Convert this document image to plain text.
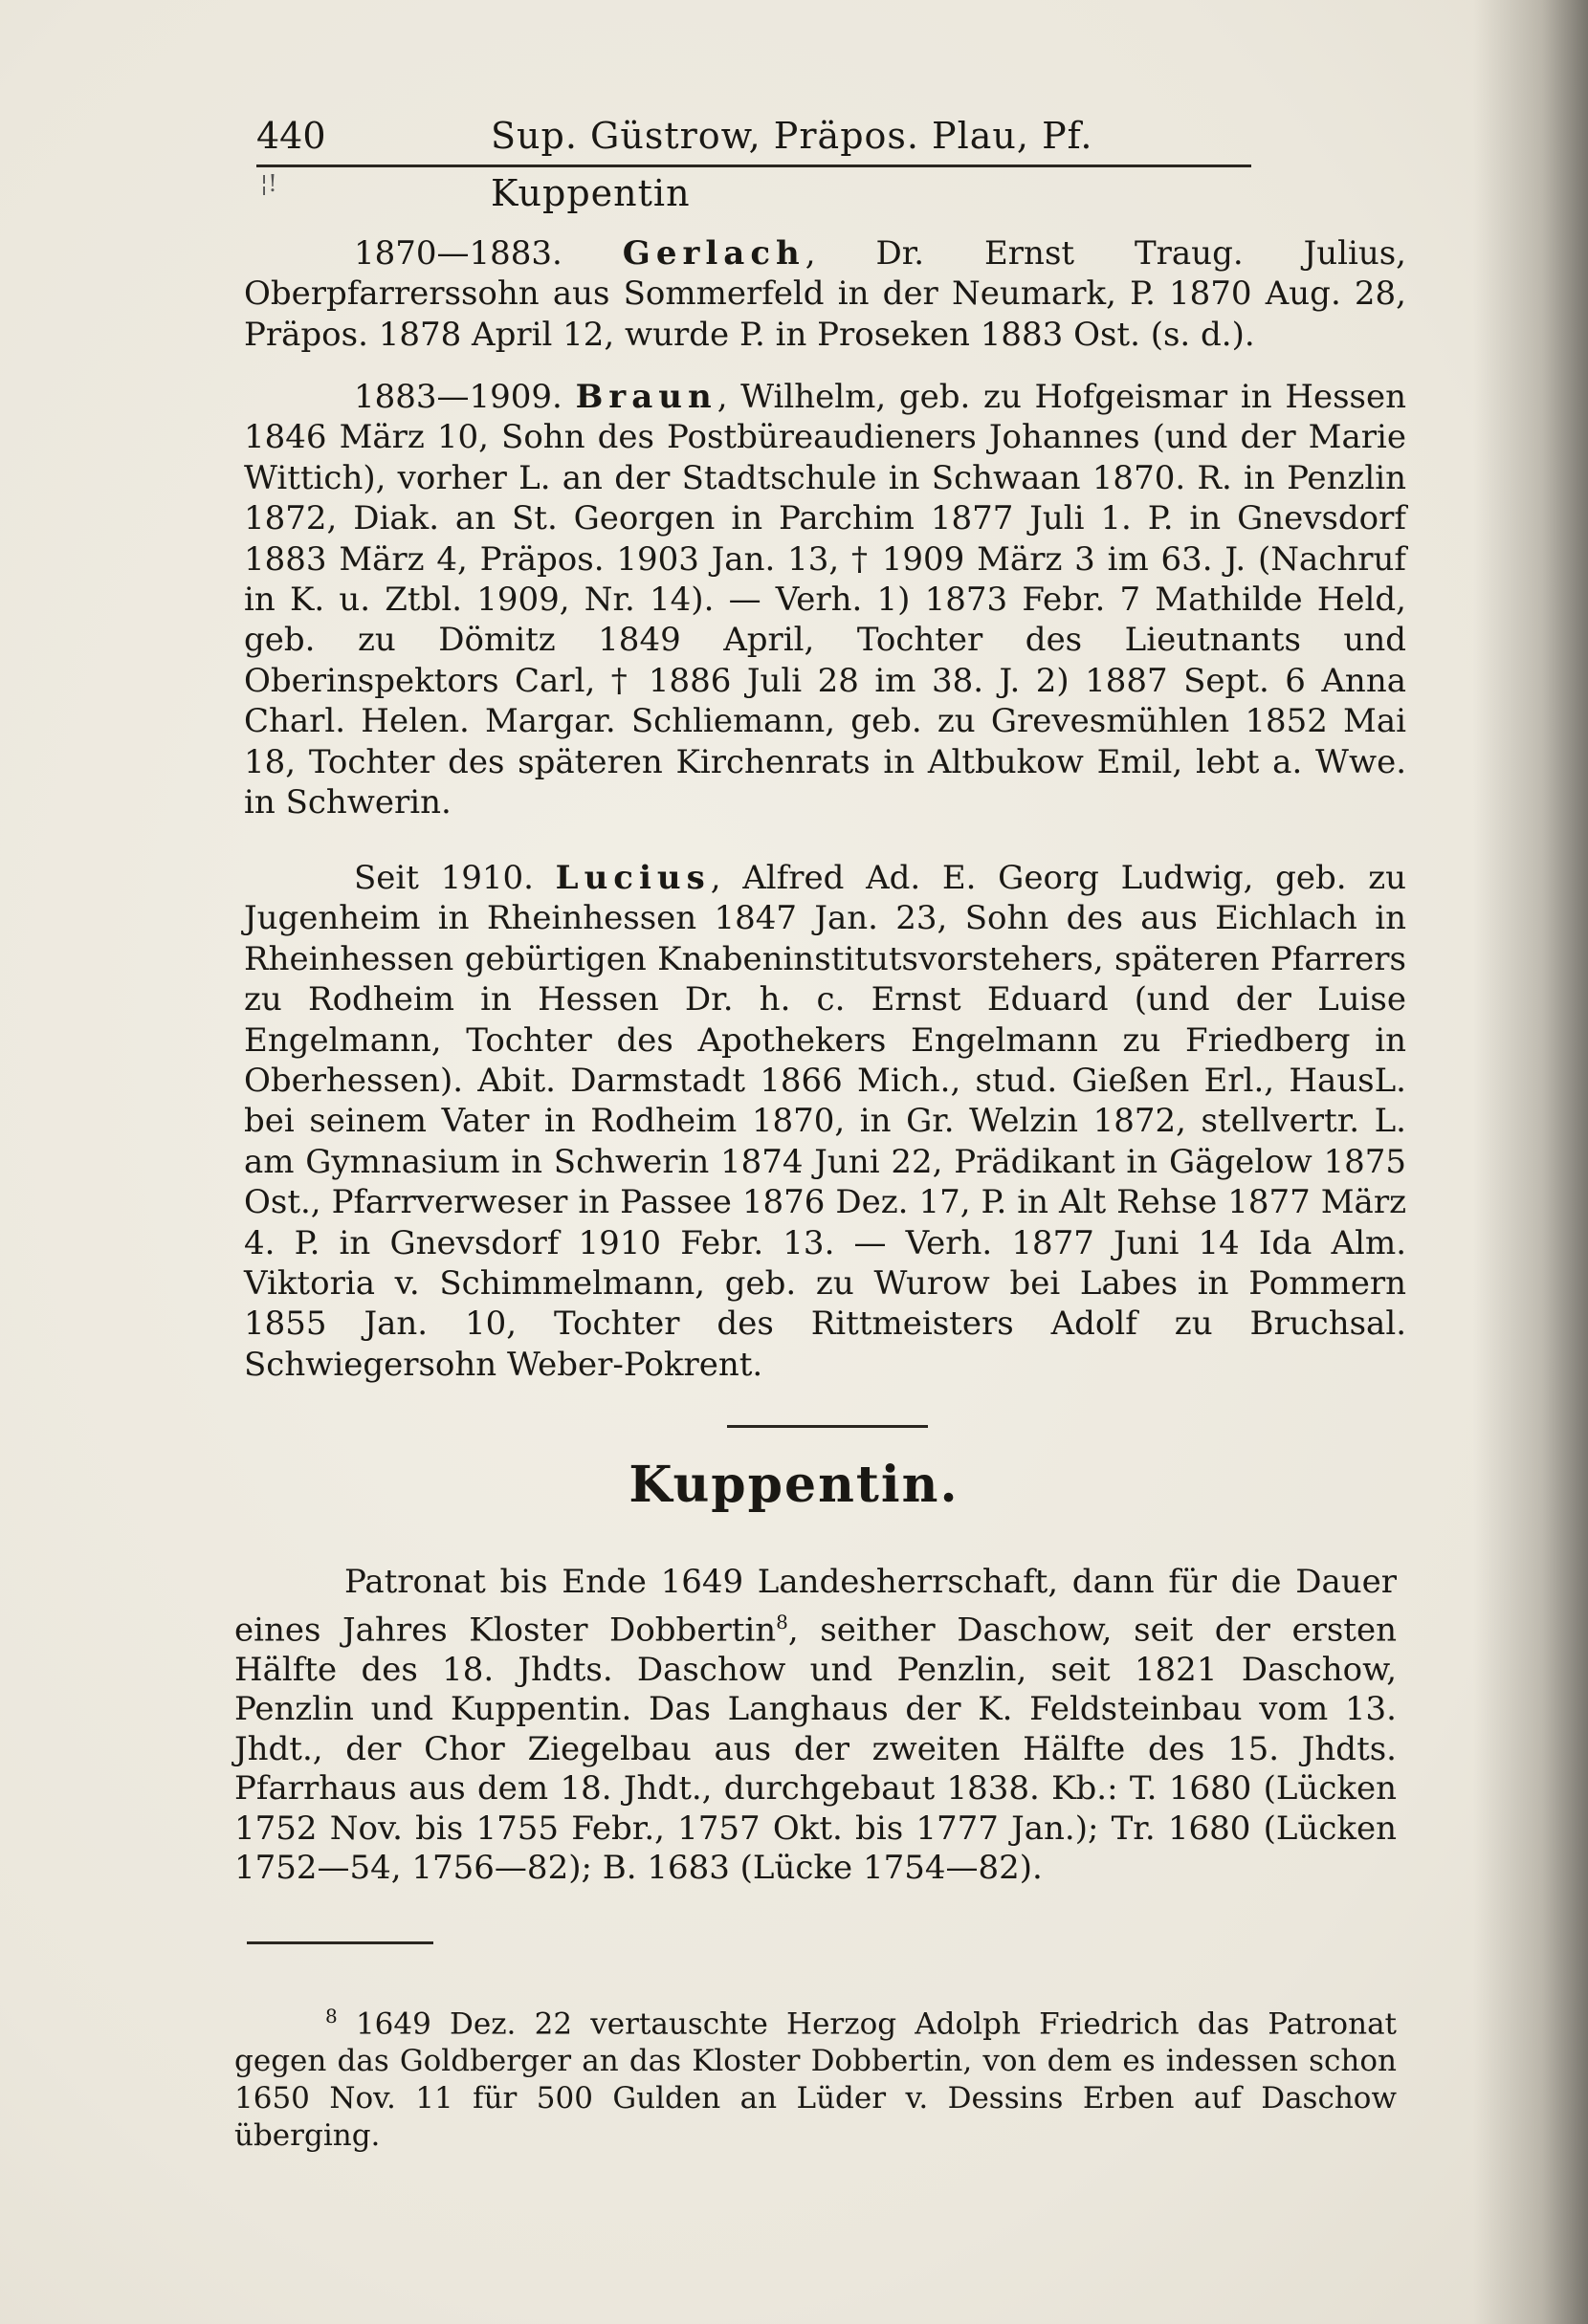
440	Sup. Güstrow, Präpos. Plau, Pf. Kuppentin
¦!

1870—1883. Gerlach, Dr. Ernst Traug. Julius, Oberpfarrerssohn aus Sommerfeld in der Neumark, P. 1870 Aug. 28, Präpos. 1878 April 12, wurde P. in Proseken 1883 Ost. (s. d.).

1883—1909. Braun, Wilhelm, geb. zu Hofgeismar in Hessen 1846 März 10, Sohn des Postbüreaudieners Johannes (und der Marie Wittich), vorher L. an der Stadtschule in Schwaan 1870. R. in Penzlin 1872, Diak. an St. Georgen in Parchim 1877 Juli 1. P. in Gnevsdorf 1883 März 4, Präpos. 1903 Jan. 13, † 1909 März 3 im 63. J. (Nachruf in K. u. Ztbl. 1909, Nr. 14). — Verh. 1) 1873 Febr. 7 Mathilde Held, geb. zu Dömitz 1849 April, Tochter des Lieutnants und Oberinspektors Carl, † 1886 Juli 28 im 38. J. 2) 1887 Sept. 6 Anna Charl. Helen. Margar. Schliemann, geb. zu Grevesmühlen 1852 Mai 18, Tochter des späteren Kirchenrats in Altbukow Emil, lebt a. Wwe. in Schwerin.

Seit 1910. Lucius, Alfred Ad. E. Georg Ludwig, geb. zu Jugenheim in Rheinhessen 1847 Jan. 23, Sohn des aus Eichlach in Rheinhessen gebürtigen Knabeninstitutsvorstehers, späteren Pfarrers zu Rodheim in Hessen Dr. h. c. Ernst Eduard (und der Luise Engelmann, Tochter des Apothekers Engelmann zu Friedberg in Oberhessen). Abit. Darmstadt 1866 Mich., stud. Gießen Erl., HausL. bei seinem Vater in Rodheim 1870, in Gr. Welzin 1872, stellvertr. L. am Gymnasium in Schwerin 1874 Juni 22, Prädikant in Gägelow 1875 Ost., Pfarrverweser in Passee 1876 Dez. 17, P. in Alt Rehse 1877 März 4. P. in Gnevsdorf 1910 Febr. 13. — Verh. 1877 Juni 14 Ida Alm. Viktoria v. Schimmelmann, geb. zu Wurow bei Labes in Pommern 1855 Jan. 10, Tochter des Rittmeisters Adolf zu Bruchsal. Schwiegersohn Weber-Pokrent.

Kuppentin.

Patronat bis Ende 1649 Landesherrschaft, dann für die Dauer eines Jahres Kloster Dobbertin$^8$, seither Daschow, seit der ersten Hälfte des 18. Jhdts. Daschow und Penzlin, seit 1821 Daschow, Penzlin und Kuppentin. Das Langhaus der K. Feldsteinbau vom 13. Jhdt., der Chor Ziegelbau aus der zweiten Hälfte des 15. Jhdts. Pfarrhaus aus dem 18. Jhdt., durchgebaut 1838. Kb.: T. 1680 (Lücken 1752 Nov. bis 1755 Febr., 1757 Okt. bis 1777 Jan.); Tr. 1680 (Lücken 1752—54, 1756—82); B. 1683 (Lücke 1754—82).

$^8$ 1649 Dez. 22 vertauschte Herzog Adolph Friedrich das Patronat gegen das Goldberger an das Kloster Dobbertin, von dem es indessen schon 1650 Nov. 11 für 500 Gulden an Lüder v. Dessins Erben auf Daschow überging.
